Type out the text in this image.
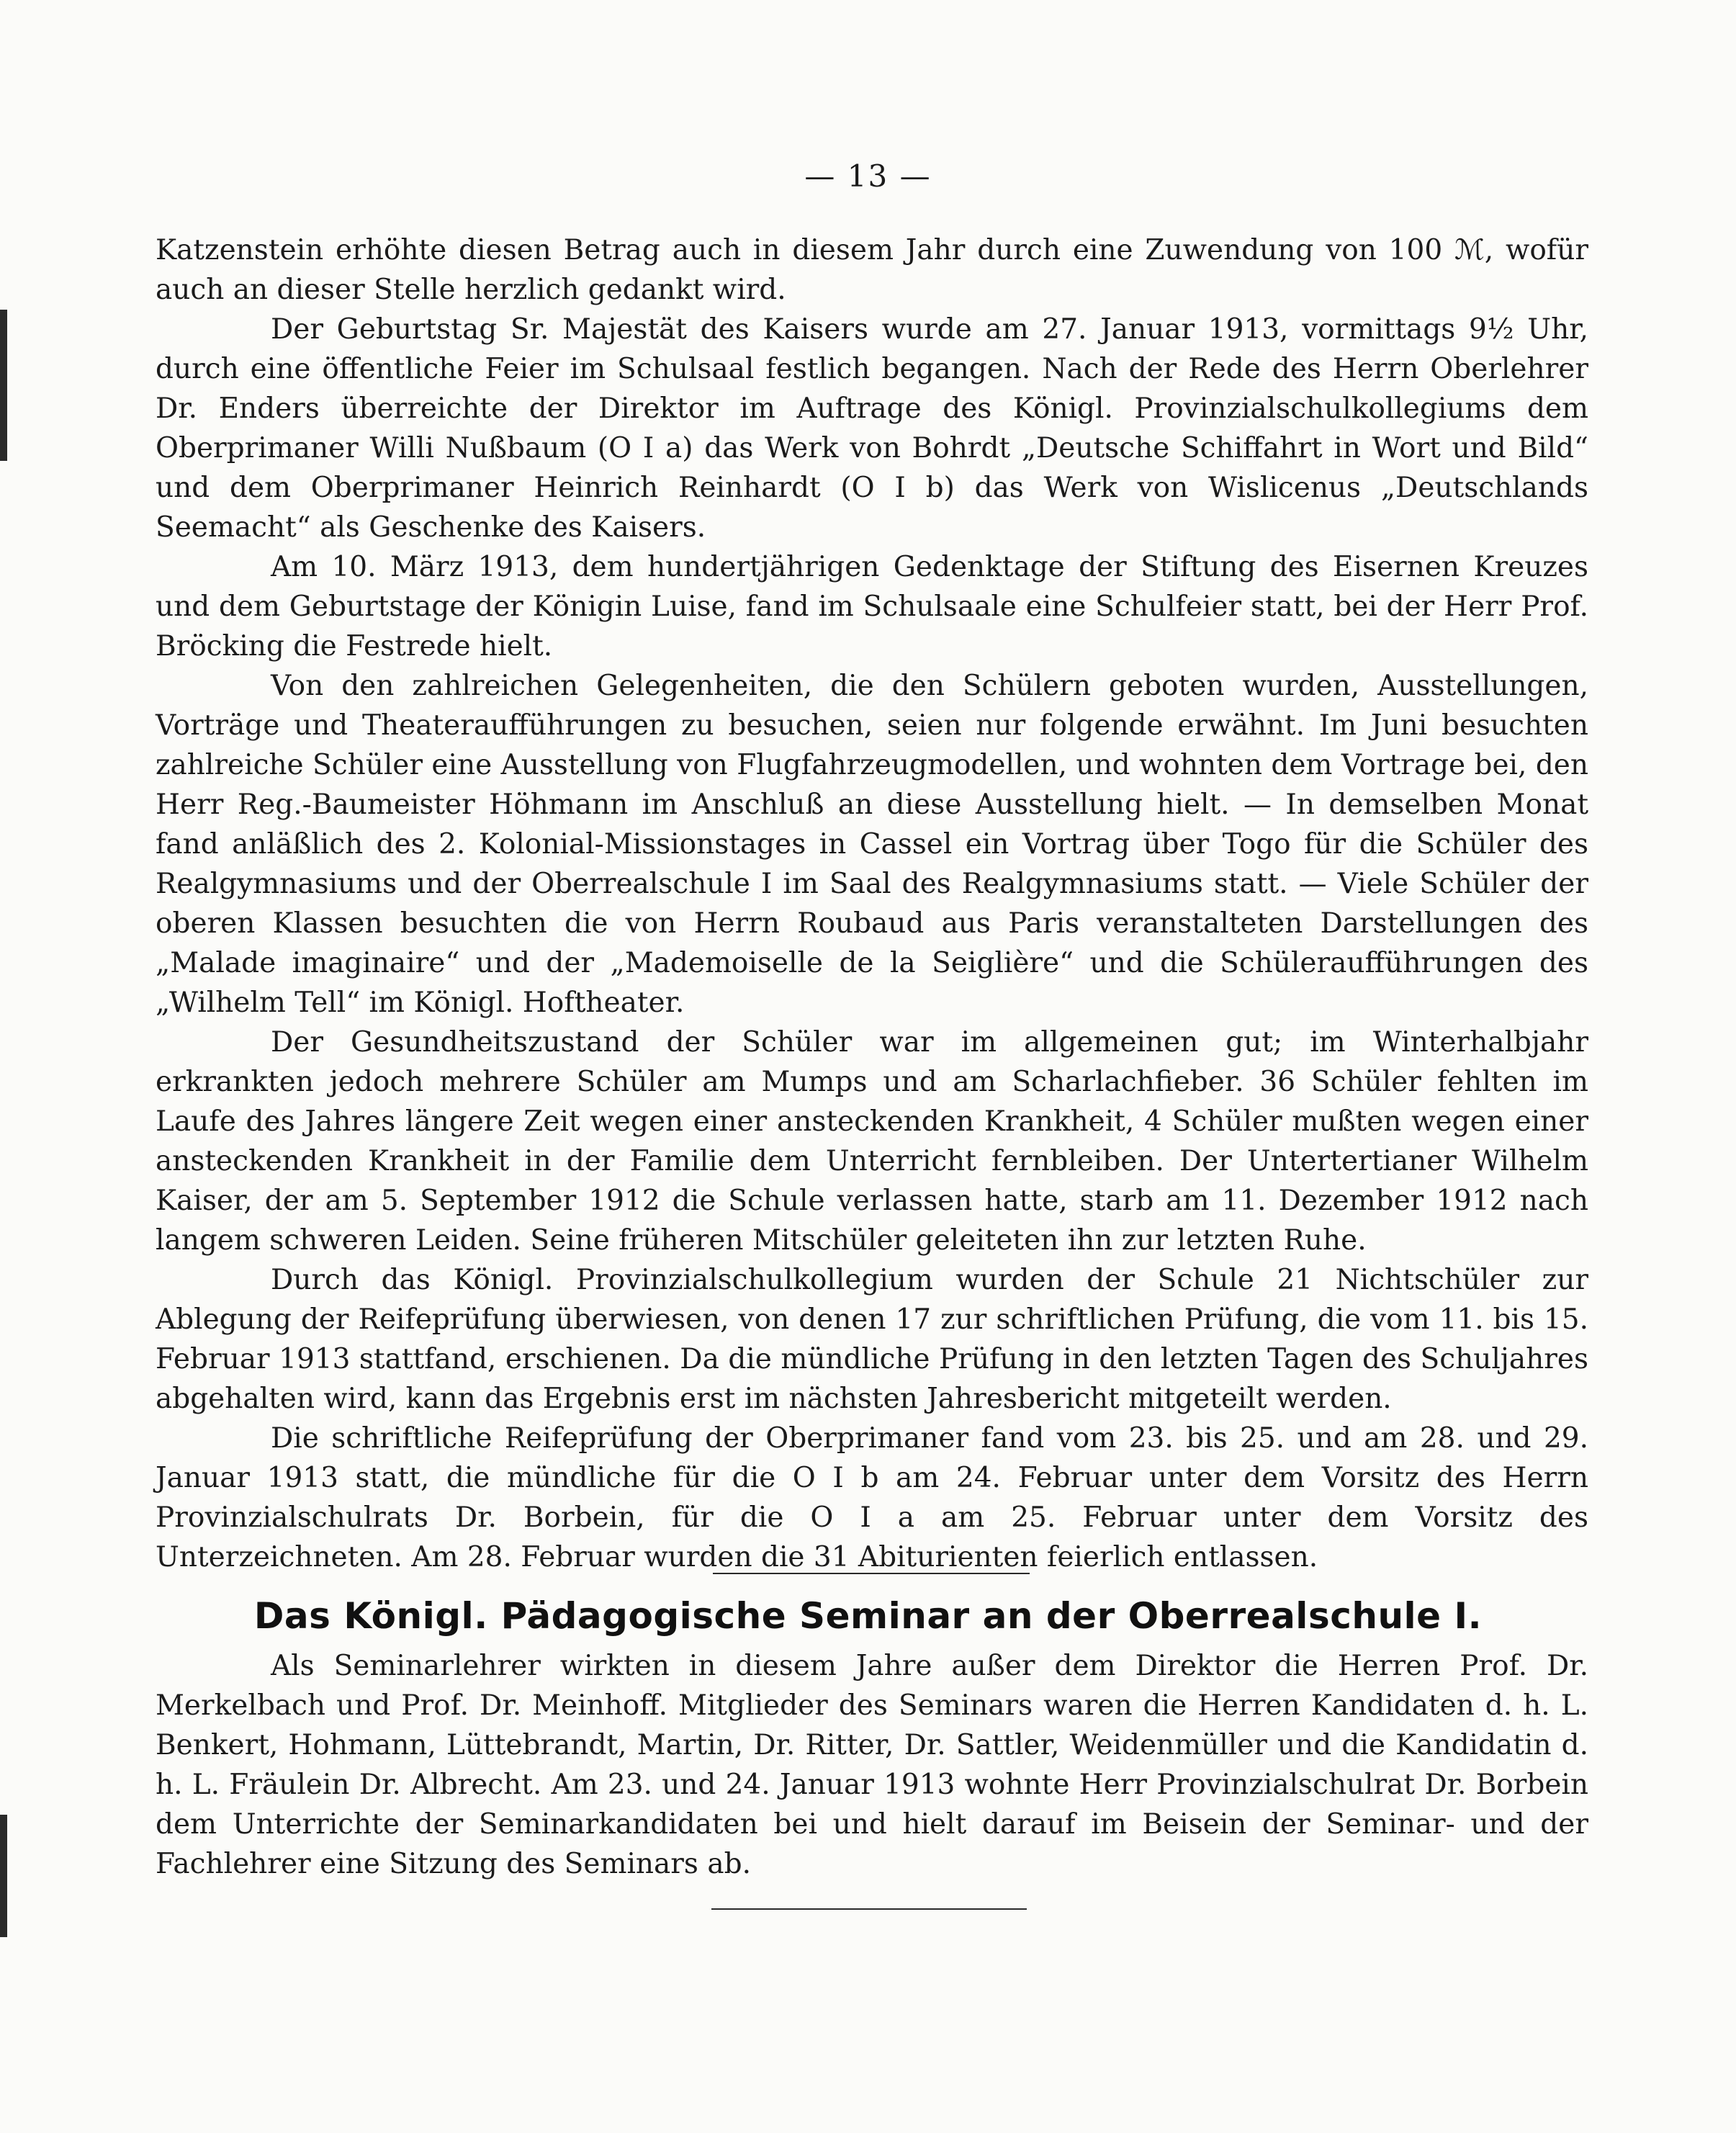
— 13 —

Katzenstein erhöhte diesen Betrag auch in diesem Jahr durch eine Zuwendung von 100 ℳ, wofür auch an dieser Stelle herzlich gedankt wird.

Der Geburtstag Sr. Majestät des Kaisers wurde am 27. Januar 1913, vormittags 9½ Uhr, durch eine öffentliche Feier im Schulsaal festlich begangen. Nach der Rede des Herrn Oberlehrer Dr. Enders überreichte der Direktor im Auftrage des Königl. Provinzialschulkollegiums dem Oberprimaner Willi Nußbaum (O I a) das Werk von Bohrdt „Deutsche Schiffahrt in Wort und Bild“ und dem Oberprimaner Heinrich Reinhardt (O I b) das Werk von Wislicenus „Deutschlands Seemacht“ als Geschenke des Kaisers.

Am 10. März 1913, dem hundertjährigen Gedenktage der Stiftung des Eisernen Kreuzes und dem Geburtstage der Königin Luise, fand im Schulsaale eine Schulfeier statt, bei der Herr Prof. Bröcking die Festrede hielt.

Von den zahlreichen Gelegenheiten, die den Schülern geboten wurden, Ausstellungen, Vorträge und Theateraufführungen zu besuchen, seien nur folgende erwähnt. Im Juni besuchten zahlreiche Schüler eine Ausstellung von Flugfahrzeugmodellen, und wohnten dem Vortrage bei, den Herr Reg.-Baumeister Höhmann im Anschluß an diese Ausstellung hielt. — In demselben Monat fand anläßlich des 2. Kolonial-Missionstages in Cassel ein Vortrag über Togo für die Schüler des Realgymnasiums und der Oberrealschule I im Saal des Realgymnasiums statt. — Viele Schüler der oberen Klassen besuchten die von Herrn Roubaud aus Paris veranstalteten Darstellungen des „Malade imaginaire“ und der „Mademoiselle de la Seiglière“ und die Schüleraufführungen des „Wilhelm Tell“ im Königl. Hoftheater.

Der Gesundheitszustand der Schüler war im allgemeinen gut; im Winterhalbjahr erkrankten jedoch mehrere Schüler am Mumps und am Scharlachfieber. 36 Schüler fehlten im Laufe des Jahres längere Zeit wegen einer ansteckenden Krankheit, 4 Schüler mußten wegen einer ansteckenden Krankheit in der Familie dem Unterricht fernbleiben. Der Untertertianer Wilhelm Kaiser, der am 5. September 1912 die Schule verlassen hatte, starb am 11. Dezember 1912 nach langem schweren Leiden. Seine früheren Mitschüler geleiteten ihn zur letzten Ruhe.

Durch das Königl. Provinzialschulkollegium wurden der Schule 21 Nichtschüler zur Ablegung der Reifeprüfung überwiesen, von denen 17 zur schriftlichen Prüfung, die vom 11. bis 15. Februar 1913 stattfand, erschienen. Da die mündliche Prüfung in den letzten Tagen des Schuljahres abgehalten wird, kann das Ergebnis erst im nächsten Jahresbericht mitgeteilt werden.

Die schriftliche Reifeprüfung der Oberprimaner fand vom 23. bis 25. und am 28. und 29. Januar 1913 statt, die mündliche für die O I b am 24. Februar unter dem Vorsitz des Herrn Provinzialschulrats Dr. Borbein, für die O I a am 25. Februar unter dem Vorsitz des Unterzeichneten. Am 28. Februar wurden die 31 Abiturienten feierlich entlassen.

Das Königl. Pädagogische Seminar an der Oberrealschule I.

Als Seminarlehrer wirkten in diesem Jahre außer dem Direktor die Herren Prof. Dr. Merkelbach und Prof. Dr. Meinhoff. Mitglieder des Seminars waren die Herren Kandidaten d. h. L. Benkert, Hohmann, Lüttebrandt, Martin, Dr. Ritter, Dr. Sattler, Weidenmüller und die Kandidatin d. h. L. Fräulein Dr. Albrecht. Am 23. und 24. Januar 1913 wohnte Herr Provinzialschulrat Dr. Borbein dem Unterrichte der Seminarkandidaten bei und hielt darauf im Beisein der Seminar- und der Fachlehrer eine Sitzung des Seminars ab.
